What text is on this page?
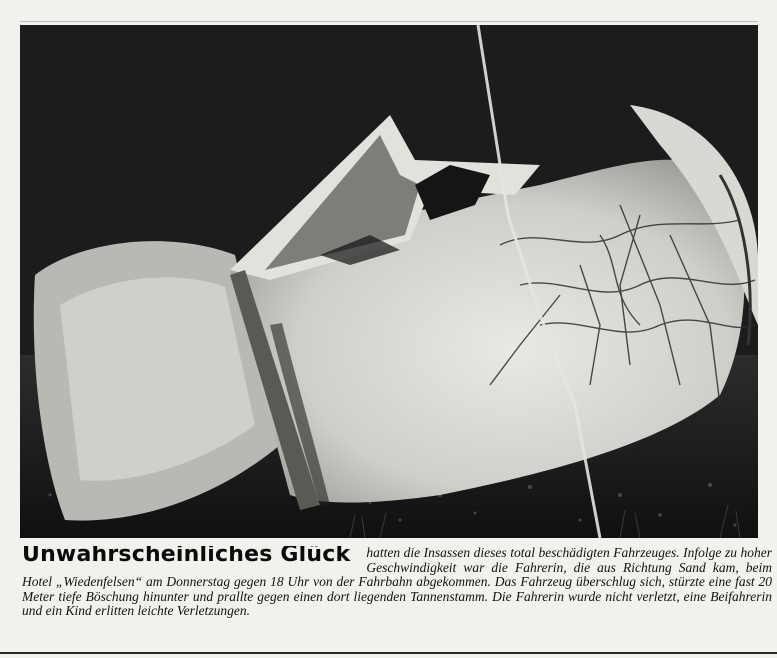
Unwahrscheinliches Glück hatten die Insassen dieses total beschädigten Fahrzeuges. Infolge zu hoher Geschwindigkeit war die Fahrerin, die aus Richtung Sand kam, beim Hotel „Wiedenfelsen“ am Donnerstag gegen 18 Uhr von der Fahrbahn abgekommen. Das Fahrzeug überschlug sich, stürzte eine fast 20 Meter tiefe Böschung hinunter und prallte gegen einen dort liegenden Tannenstamm. Die Fahrerin wurde nicht verletzt, eine Beifahrerin und ein Kind erlitten leichte Verletzungen.
